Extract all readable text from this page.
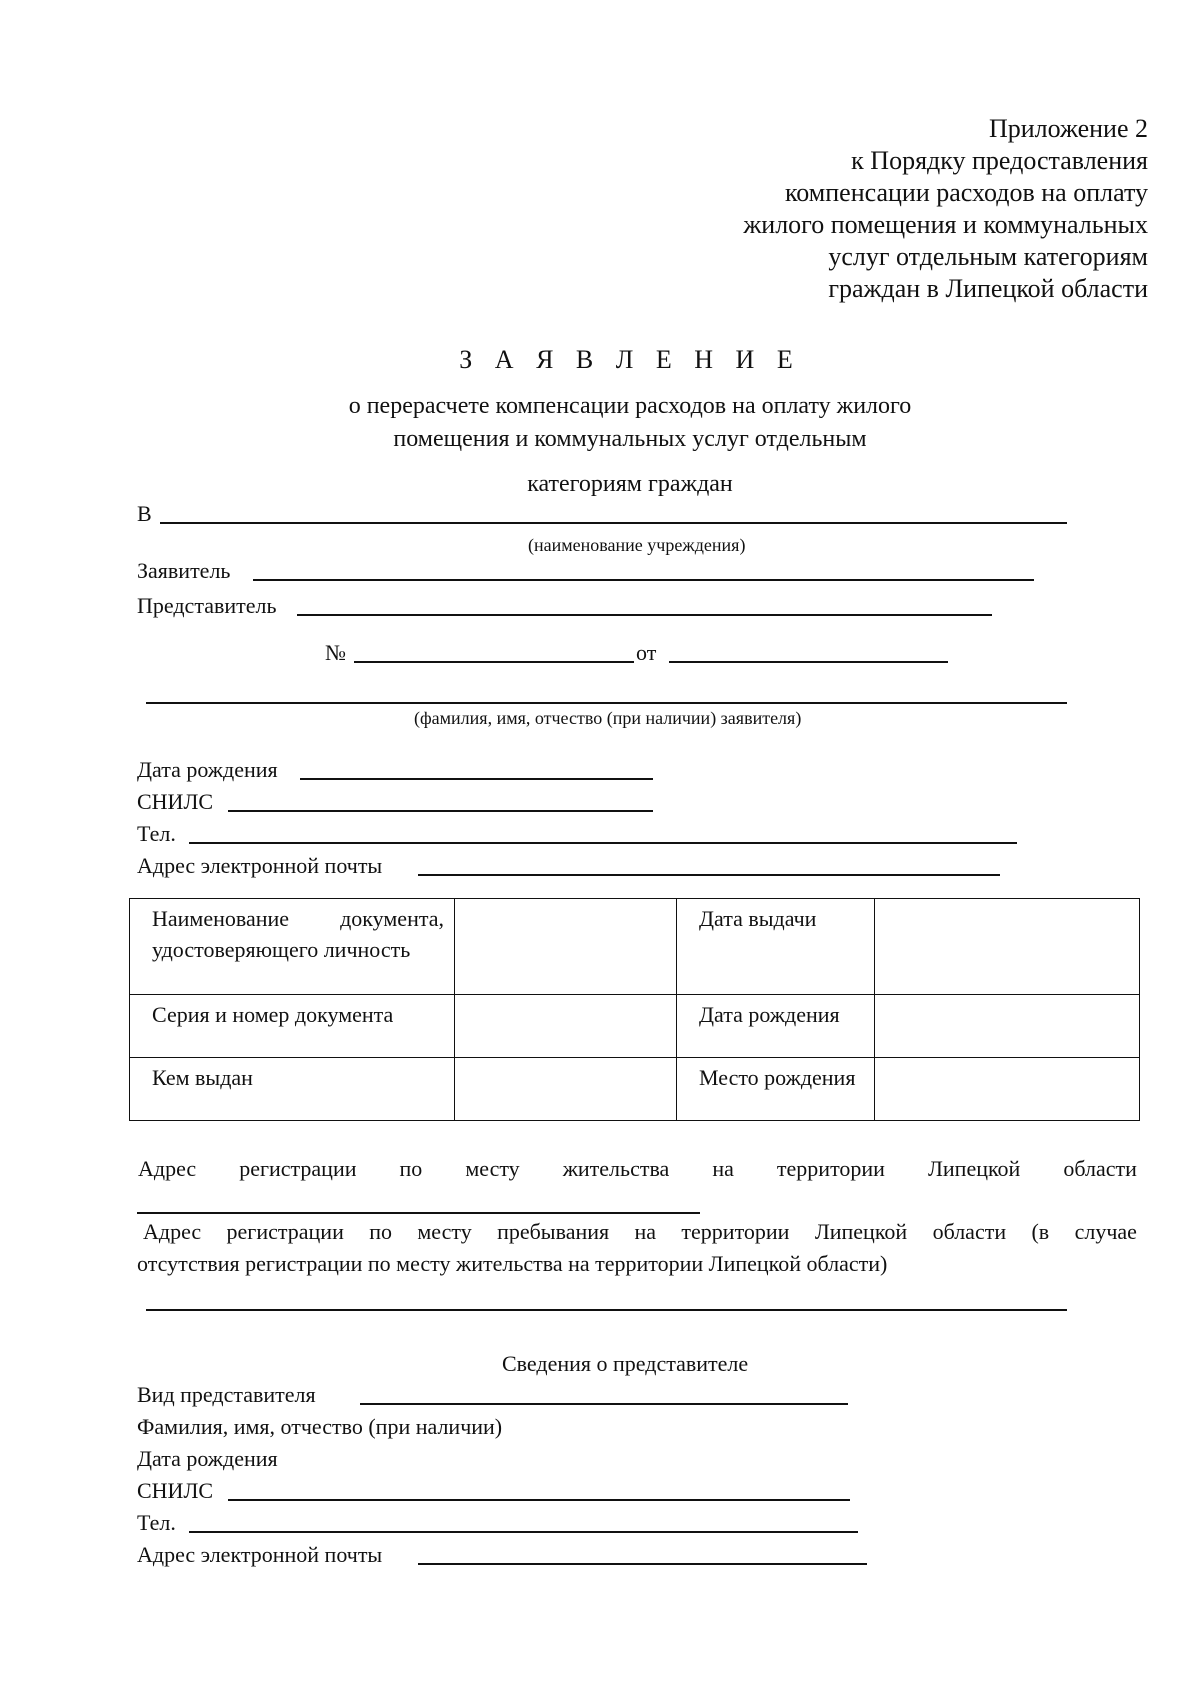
Приложение 2
к Порядку предоставления
компенсации расходов на оплату
жилого помещения и коммунальных
услуг отдельным категориям
граждан в Липецкой области
З А Я В Л Е Н И Е
о перерасчете компенсации расходов на оплату жилого
помещения и коммунальных услуг отдельным
категориям граждан
В
(наименование учреждения)
Заявитель
Представитель
№	от
(фамилия, имя, отчество (при наличии) заявителя)
Дата рождения
СНИЛС
Тел.
Адрес электронной почты
Наименование документа, удостоверяющего личность		Дата выдачи	
Серия и номер документа		Дата рождения	
Кем выдан		Место рождения	
Адрес регистрации по месту жительства на территории Липецкой области
Адрес регистрации по месту пребывания на территории Липецкой области (в случае
отсутствия регистрации по месту жительства на территории Липецкой области)
Сведения о представителе
Вид представителя
Фамилия, имя, отчество (при наличии)
Дата рождения
СНИЛС
Тел.
Адрес электронной почты
